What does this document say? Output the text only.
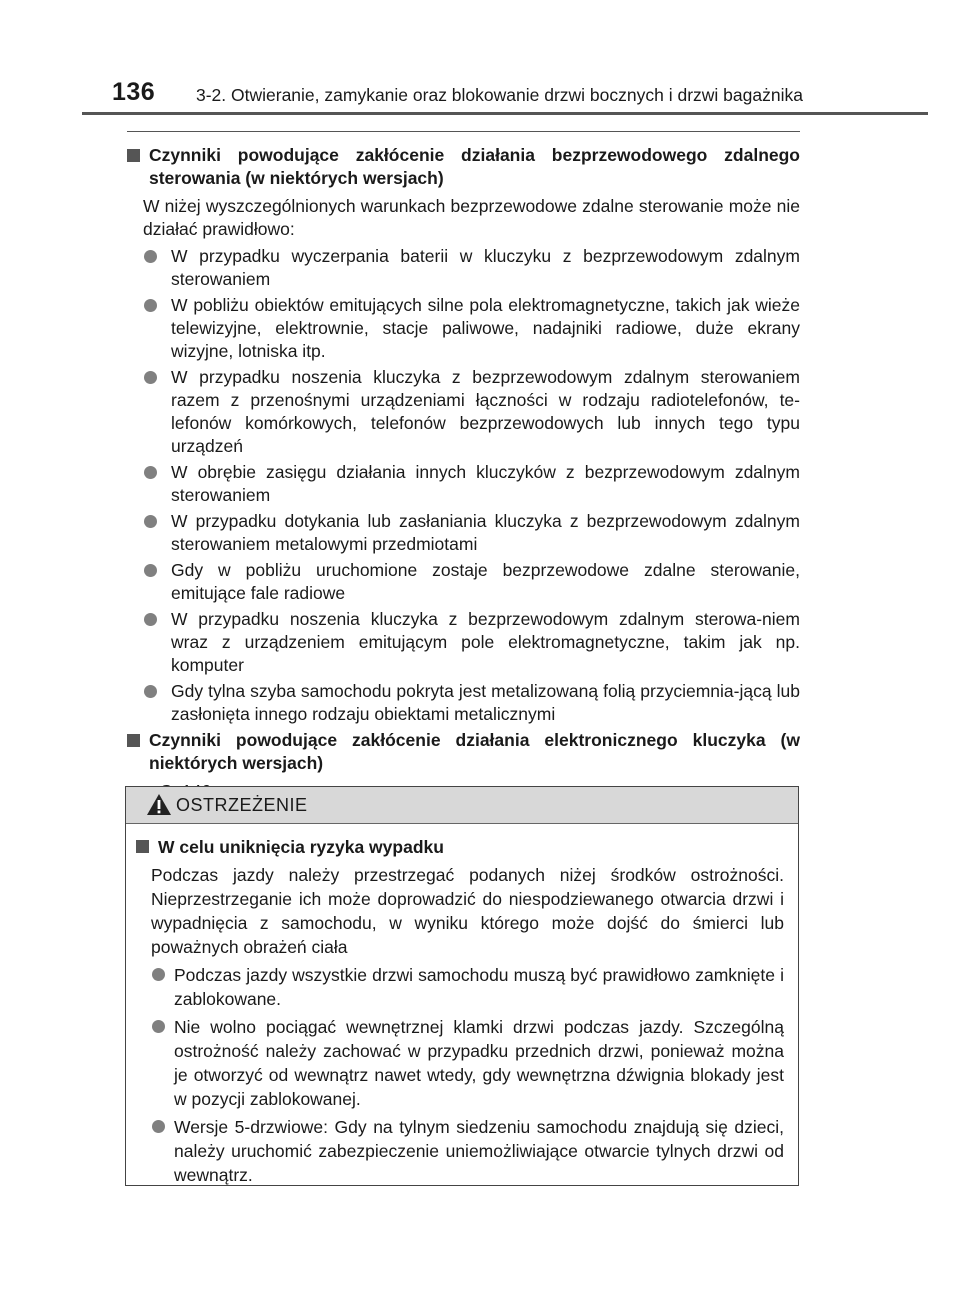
136 3-2. Otwieranie, zamykanie oraz blokowanie drzwi bocznych i drzwi bagażnika
Czynniki powodujące zakłócenie działania bezprzewodowego zdalnego sterowania (w niektórych wersjach)
W niżej wyszczególnionych warunkach bezprzewodowe zdalne sterowanie może nie działać prawidłowo:
W przypadku wyczerpania baterii w kluczyku z bezprzewodowym zdalnym sterowaniem
W pobliżu obiektów emitujących silne pola elektromagnetyczne, takich jak wieże telewizyjne, elektrownie, stacje paliwowe, nadajniki radiowe, duże ekrany wizyjne, lotniska itp.
W przypadku noszenia kluczyka z bezprzewodowym zdalnym sterowaniem razem z przenośnymi urządzeniami łączności w rodzaju radiotelefonów, te-lefonów komórkowych, telefonów bezprzewodowych lub innych tego typu urządzeń
W obrębie zasięgu działania innych kluczyków z bezprzewodowym zdalnym sterowaniem
W przypadku dotykania lub zasłaniania kluczyka z bezprzewodowym zdalnym sterowaniem metalowymi przedmiotami
Gdy w pobliżu uruchomione zostaje bezprzewodowe zdalne sterowanie, emitujące fale radiowe
W przypadku noszenia kluczyka z bezprzewodowym zdalnym sterowa-niem wraz z urządzeniem emitującym pole elektromagnetyczne, takim jak np. komputer
Gdy tylna szyba samochodu pokryta jest metalizowaną folią przyciemnia-jącą lub zasłonięta innego rodzaju obiektami metalicznymi
Czynniki powodujące zakłócenie działania elektronicznego kluczyka (w niektórych wersjach)
OSTRZEŻENIE
W celu uniknięcia ryzyka wypadku
Podczas jazdy należy przestrzegać podanych niżej środków ostrożności. Nieprzestrzeganie ich może doprowadzić do niespodziewanego otwarcia drzwi i wypadnięcia z samochodu, w wyniku którego może dojść do śmierci lub poważnych obrażeń ciała
Podczas jazdy wszystkie drzwi samochodu muszą być prawidłowo zamknięte i zablokowane.
Nie wolno pociągać wewnętrznej klamki drzwi podczas jazdy. Szczególną ostrożność należy zachować w przypadku przednich drzwi, ponieważ można je otworzyć od wewnątrz nawet wtedy, gdy wewnętrzna dźwignia blokady jest w pozycji zablokowanej.
Wersje 5-drzwiowe: Gdy na tylnym siedzeniu samochodu znajdują się dzieci, należy uruchomić zabezpieczenie uniemożliwiające otwarcie tylnych drzwi od wewnątrz.
